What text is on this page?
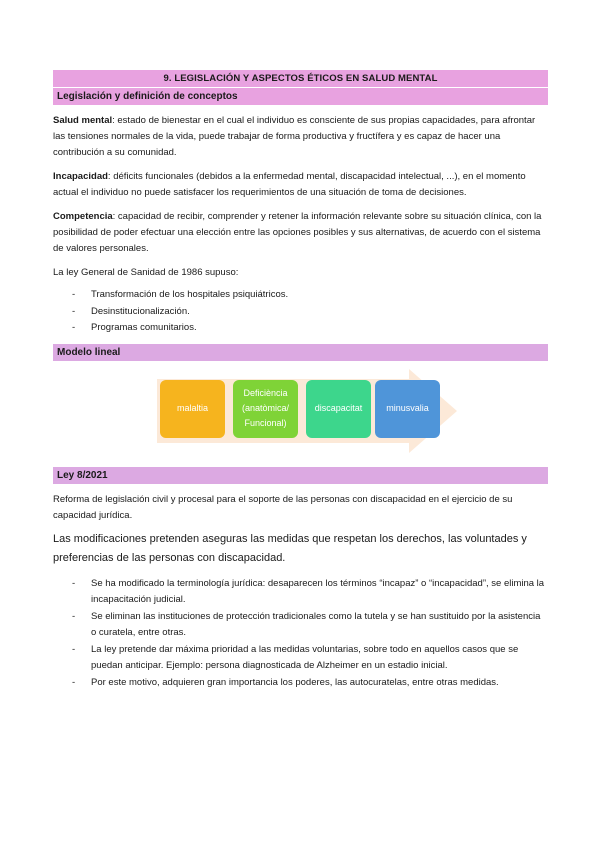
9. LEGISLACIÓN Y ASPECTOS ÉTICOS EN SALUD MENTAL
Legislación y definición de conceptos

Salud mental: estado de bienestar en el cual el individuo es consciente de sus propias capacidades, para afrontar las tensiones normales de la vida, puede trabajar de forma productiva y fructífera y es capaz de hacer una contribución a su comunidad.

Incapacidad: déficits funcionales (debidos a la enfermedad mental, discapacidad intelectual, ...), en el momento actual el individuo no puede satisfacer los requerimientos de una situación de toma de decisiones.

Competencia: capacidad de recibir, comprender y retener la información relevante sobre su situación clínica, con la posibilidad de poder efectuar una elección entre las opciones posibles y sus alternativas, de acuerdo con el sistema de valores personales.

La ley General de Sanidad de 1986 supuso:

- Transformación de los hospitales psiquiátricos.
- Desinstitucionalización.
- Programas comunitarios.
Modelo lineal
malaltia
Deficiència (anatòmica/ Funcional)
discapacitat	minusvalia
Ley 8/2021

Reforma de legislación civil y procesal para el soporte de las personas con discapacidad en el ejercicio de su capacidad jurídica.

Las modificaciones pretenden aseguras las medidas que respetan los derechos, las voluntades y preferencias de las personas con discapacidad.

- Se ha modificado la terminología jurídica: desaparecen los términos “incapaz” o “incapacidad”, se elimina la incapacitación judicial.
- Se eliminan las instituciones de protección tradicionales como la tutela y se han sustituido por la asistencia o curatela, entre otras.
- La ley pretende dar máxima prioridad a las medidas voluntarias, sobre todo en aquellos casos que se puedan anticipar. Ejemplo: persona diagnosticada de Alzheimer en un estadio inicial.
- Por este motivo, adquieren gran importancia los poderes, las autocuratelas, entre otras medidas.
